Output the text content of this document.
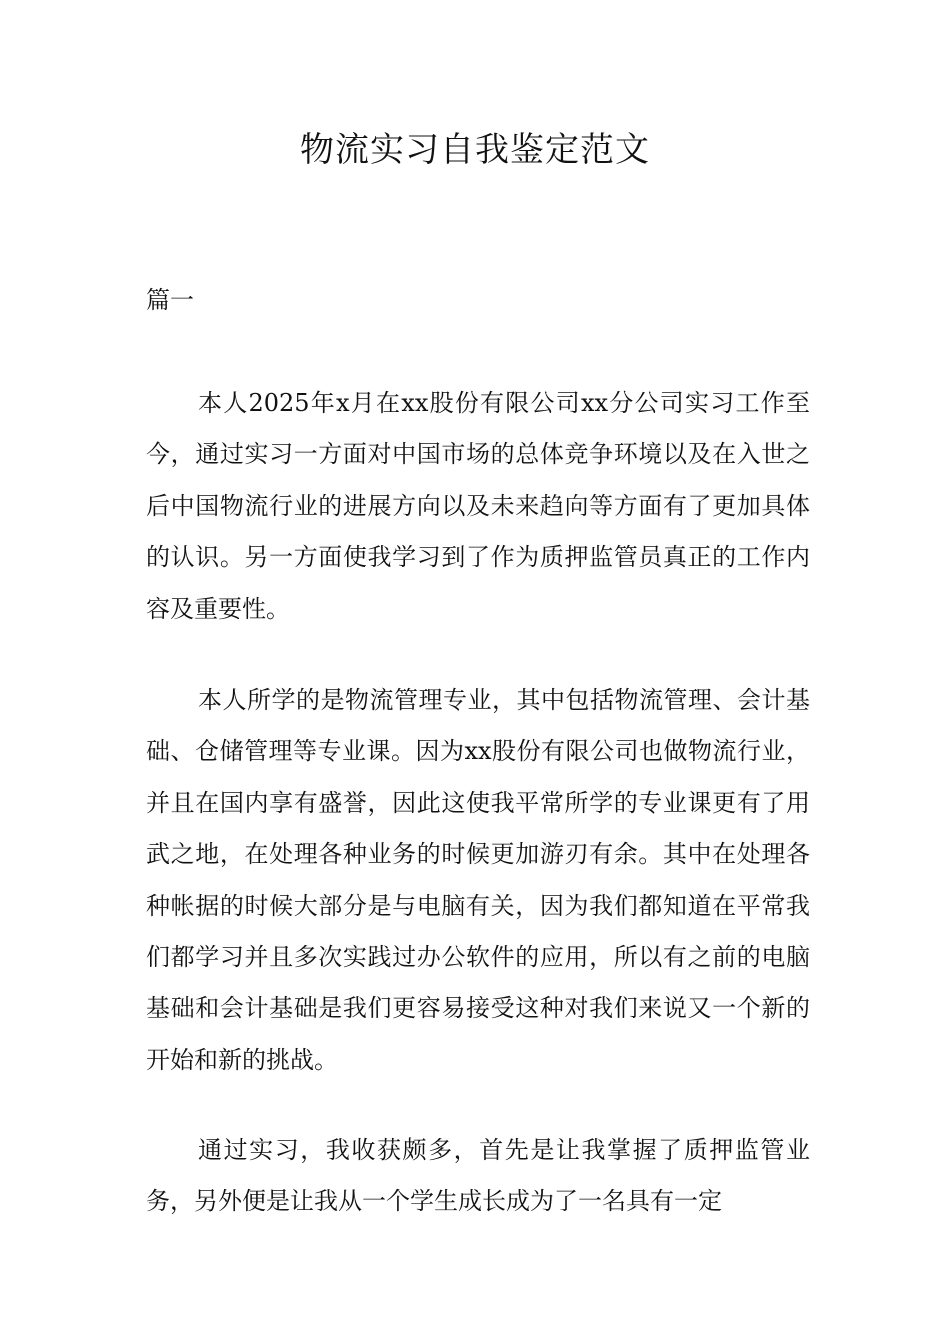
物流实习自我鉴定范文

篇一

本人2025年x月在xx股份有限公司xx分公司实习工作至今，通过实习一方面对中国市场的总体竞争环境以及在入世之后中国物流行业的进展方向以及未来趋向等方面有了更加具体的认识。另一方面使我学习到了作为质押监管员真正的工作内容及重要性。

本人所学的是物流管理专业，其中包括物流管理、会计基础、仓储管理等专业课。因为xx股份有限公司也做物流行业，并且在国内享有盛誉，因此这使我平常所学的专业课更有了用武之地，在处理各种业务的时候更加游刃有余。其中在处理各种帐据的时候大部分是与电脑有关，因为我们都知道在平常我们都学习并且多次实践过办公软件的应用，所以有之前的电脑基础和会计基础是我们更容易接受这种对我们来说又一个新的开始和新的挑战。

通过实习，我收获颇多，首先是让我掌握了质押监管业务，另外便是让我从一个学生成长成为了一名具有一定
